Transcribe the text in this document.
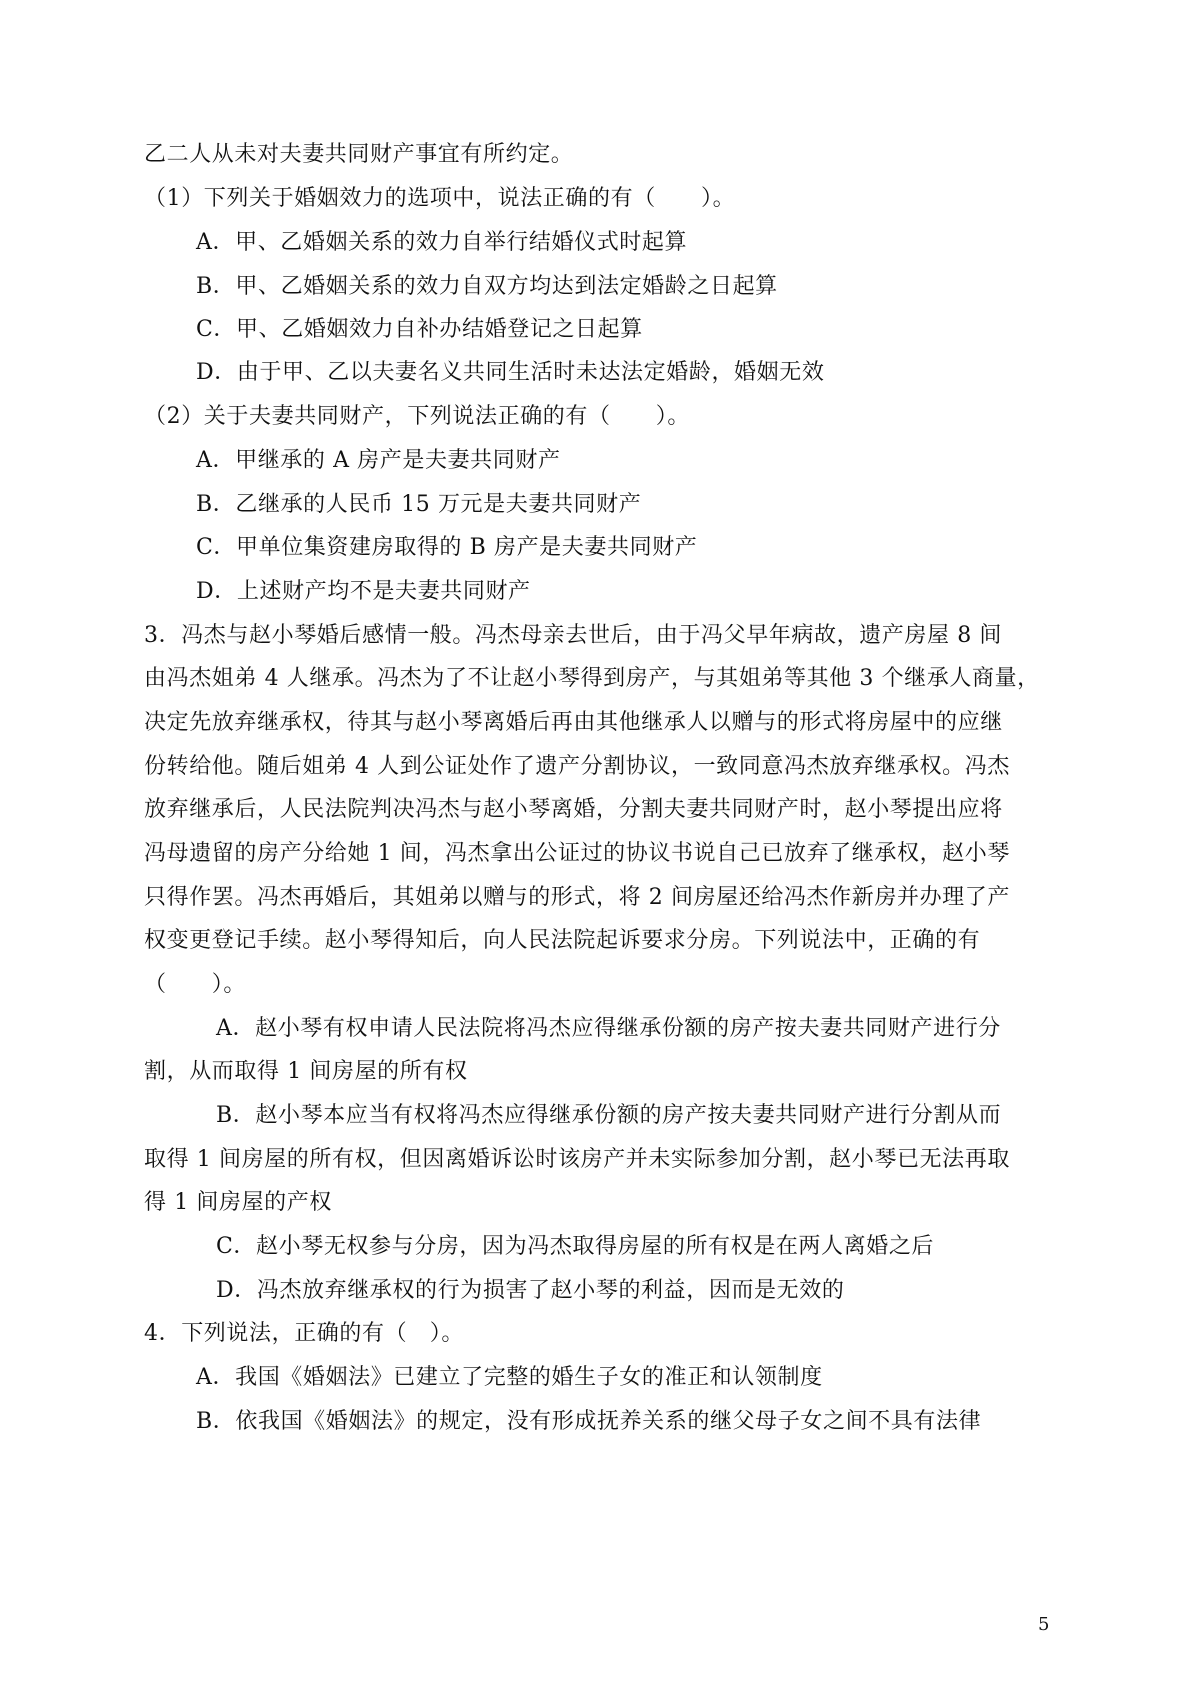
乙二人从未对夫妻共同财产事宜有所约定。
（1）下列关于婚姻效力的选项中，说法正确的有（　　）。
A．甲、乙婚姻关系的效力自举行结婚仪式时起算
B．甲、乙婚姻关系的效力自双方均达到法定婚龄之日起算
C．甲、乙婚姻效力自补办结婚登记之日起算
D．由于甲、乙以夫妻名义共同生活时未达法定婚龄，婚姻无效
（2）关于夫妻共同财产，下列说法正确的有（　　）。
A．甲继承的 A 房产是夫妻共同财产
B．乙继承的人民币 15 万元是夫妻共同财产
C．甲单位集资建房取得的 B 房产是夫妻共同财产
D．上述财产均不是夫妻共同财产
3．冯杰与赵小琴婚后感情一般。冯杰母亲去世后，由于冯父早年病故，遗产房屋 8 间
由冯杰姐弟 4 人继承。冯杰为了不让赵小琴得到房产，与其姐弟等其他 3 个继承人商量，
决定先放弃继承权，待其与赵小琴离婚后再由其他继承人以赠与的形式将房屋中的应继
份转给他。随后姐弟 4 人到公证处作了遗产分割协议，一致同意冯杰放弃继承权。冯杰
放弃继承后，人民法院判决冯杰与赵小琴离婚，分割夫妻共同财产时，赵小琴提出应将
冯母遗留的房产分给她 1 间，冯杰拿出公证过的协议书说自己已放弃了继承权，赵小琴
只得作罢。冯杰再婚后，其姐弟以赠与的形式，将 2 间房屋还给冯杰作新房并办理了产
权变更登记手续。赵小琴得知后，向人民法院起诉要求分房。下列说法中，正确的有
（　　）。
A．赵小琴有权申请人民法院将冯杰应得继承份额的房产按夫妻共同财产进行分
割，从而取得 1 间房屋的所有权
B．赵小琴本应当有权将冯杰应得继承份额的房产按夫妻共同财产进行分割从而
取得 1 间房屋的所有权，但因离婚诉讼时该房产并未实际参加分割，赵小琴已无法再取
得 1 间房屋的产权
C．赵小琴无权参与分房，因为冯杰取得房屋的所有权是在两人离婚之后
D．冯杰放弃继承权的行为损害了赵小琴的利益，因而是无效的
4．下列说法，正确的有（　）。
A．我国《婚姻法》已建立了完整的婚生子女的准正和认领制度
B．依我国《婚姻法》的规定，没有形成抚养关系的继父母子女之间不具有法律
5
